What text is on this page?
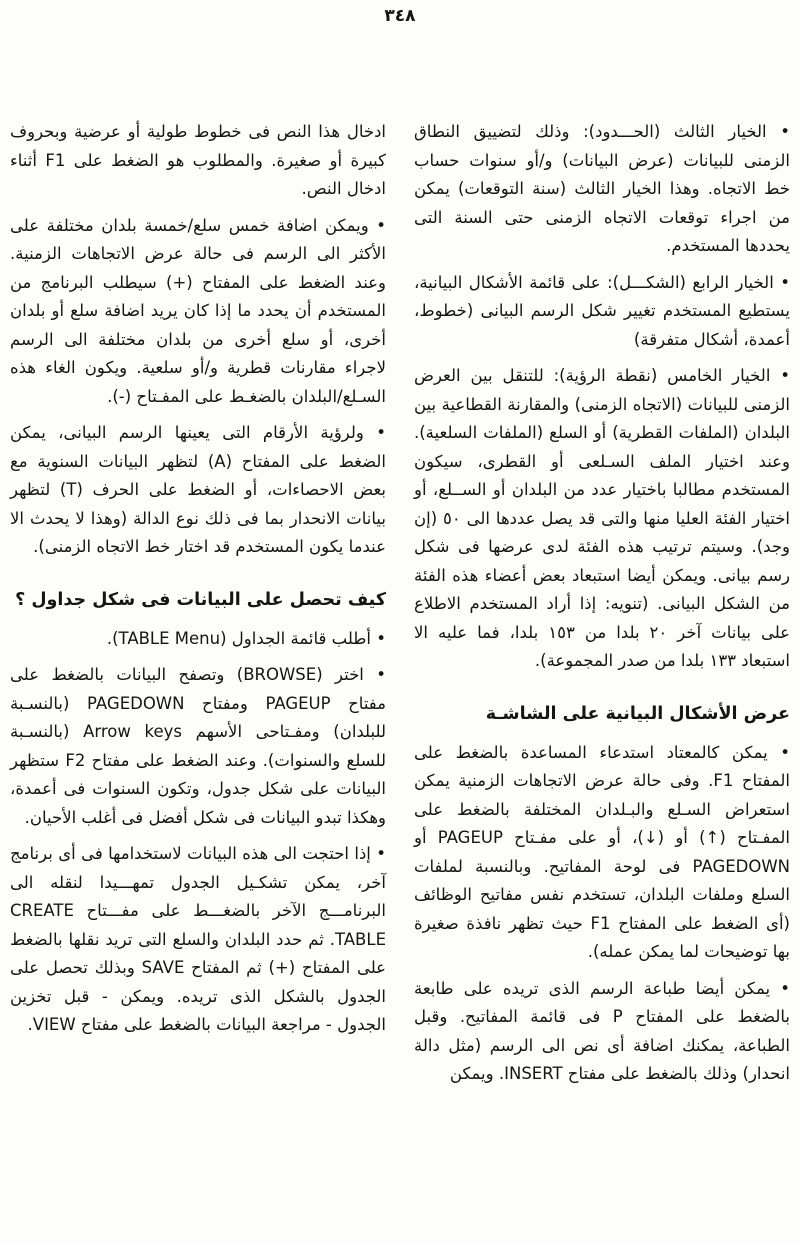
٣٤٨

• الخيار الثالث (الحـــدود): وذلك لتضييق النطاق الزمنى للبيانات (عرض البيانات) و/أو سنوات حساب خط الاتجاه. وهذا الخيار الثالث (سنة التوقعات) يمكن من اجراء توقعات الاتجاه الزمنى حتى السنة التى يحددها المستخدم.

• الخيار الرابع (الشكـــل): على قائمة الأشكال البيانية، يستطيع المستخدم تغيير شكل الرسم البيانى (خطوط، أعمدة، أشكال متفرقة)

• الخيار الخامس (نقطة الرؤية): للتنقل بين العرض الزمنى للبيانات (الاتجاه الزمنى) والمقارنة القطاعية بين البلدان (الملفات القطرية) أو السلع (الملفات السلعية). وعند اختيار الملف السـلعى أو القطرى، سيكون المستخدم مطالبا باختيار عدد من البلدان أو الســلع، أو اختيار الفئة العليا منها والتى قد يصل عددها الى ٥٠ (إن وجد). وسيتم ترتيب هذه الفئة لدى عرضها فى شكل رسم بيانى. ويمكن أيضا استبعاد بعض أعضاء هذه الفئة من الشكل البيانى. (تنويه: إذا أراد المستخدم الاطلاع على بيانات آخر ٢٠ بلدا من ١٥٣ بلدا، فما عليه الا استبعاد ١٣٣ بلدا من صدر المجموعة).

عرض الأشكال البيانية على الشاشـة

• يمكن كالمعتاد استدعاء المساعدة بالضغط على المفتاح F1. وفى حالة عرض الاتجاهات الزمنية يمكن استعراض السـلع والبـلدان المختلفة بالضغط على المفـتاح (↑) أو (↓)، أو على مفـتاح PAGEUP أو PAGEDOWN فى لوحة المفاتيح. وبالنسبة لملفات السلع وملفات البلدان، تستخدم نفس مفاتيح الوظائف (أى الضغط على المفتاح F1 حيث تظهر نافذة صغيرة بها توضيحات لما يمكن عمله).

• يمكن أيضا طباعة الرسم الذى تريده على طابعة بالضغط على المفتاح P فى قائمة المفاتيح. وقبل الطباعة، يمكنك اضافة أى نص الى الرسم (مثل دالة انحدار) وذلك بالضغط على مفتاح INSERT. ويمكن

ادخال هذا النص فى خطوط طولية أو عرضية وبحروف كبيرة أو صغيرة. والمطلوب هو الضغط على F1 أثناء ادخال النص.

• ويمكن اضافة خمس سلع/خمسة بلدان مختلفة على الأكثر الى الرسم فى حالة عرض الاتجاهات الزمنية. وعند الضغط على المفتاح (+) سيطلب البرنامج من المستخدم أن يحدد ما إذا كان يريد اضافة سلع أو بلدان أخرى، أو سلع أخرى من بلدان مختلفة الى الرسم لاجراء مقارنات قطرية و/أو سلعية. ويكون الغاء هذه السـلع/البلدان بالضغـط على المفـتاح (-).

• ولرؤية الأرقام التى يعينها الرسم البيانى، يمكن الضغط على المفتاح (A) لتظهر البيانات السنوية مع بعض الاحصاءات، أو الضغط على الحرف (T) لتظهر بيانات الانحدار بما فى ذلك نوع الدالة (وهذا لا يحدث الا عندما يكون المستخدم قد اختار خط الاتجاه الزمنى).

كيف تحصل على البيانات فى شكل جداول ؟

• أطلب قائمة الجداول (TABLE Menu).

• اختر (BROWSE) وتصفح البيانات بالضغط على مفتاح PAGEUP ومفتاح PAGEDOWN (بالنسـبة للبلدان) ومفـتاحى الأسهم Arrow keys (بالنسـبة للسلع والسنوات). وعند الضغط على مفتاح F2 ستظهر البيانات على شكل جدول، وتكون السنوات فى أعمدة، وهكذا تبدو البيانات فى شكل أفضل فى أغلب الأحيان.

• إذا احتجت الى هذه البيانات لاستخدامها فى أى برنامج آخر، يمكن تشكـيل الجدول تمهـــيدا لنقله الى البرنامـــج الآخر بالضغـــط على مفـــتاح CREATE TABLE. ثم حدد البلدان والسلع التى تريد نقلها بالضغط على المفتاح (+) ثم المفتاح SAVE وبذلك تحصل على الجدول بالشكل الذى تريده. ويمكن - قبل تخزين الجدول - مراجعة البيانات بالضغط على مفتاح VIEW.
